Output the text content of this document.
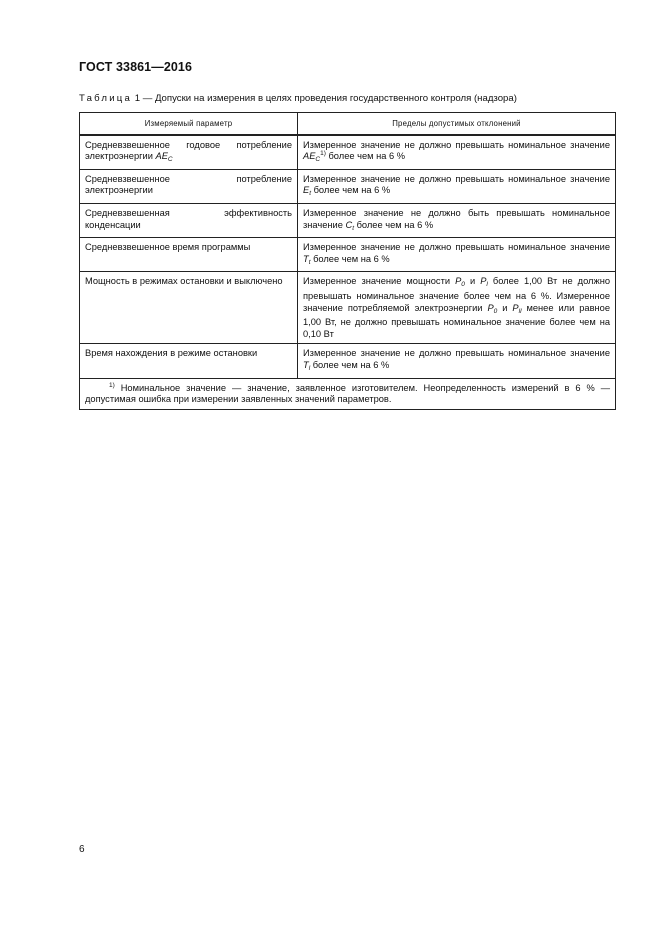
ГОСТ 33861—2016
Таблица 1 — Допуски на измерения в целях проведения государственного контроля (надзора)
Измеряемый параметр	Пределы допустимых отклонений
Средневзвешенное годовое потребление электроэнергии $AE_C$	Измеренное значение не должно превышать номинальное значение $AE_C^{1)}$ более чем на 6 %
Средневзвешенное потребление электроэнергии	Измеренное значение не должно превышать номинальное значение $E_t$ более чем на 6 %
Средневзвешенная эффективность конденсации	Измеренное значение не должно быть превышать номинальное значение $C_t$ более чем на 6 %
Средневзвешенное время программы	Измеренное значение не должно превышать номинальное значение $T_t$ более чем на 6 %
Мощность в режимах остановки и выключено	Измеренное значение мощности $P_0$ и $P_l$ более 1,00 Вт не должно превышать номинальное значение более чем на 6 %. Измеренное значение потребляемой электроэнергии $P_0$ и $P_{ll}$ менее или равное 1,00 Вт, не должно превышать номинальное значение более чем на 0,10 Вт
Время нахождения в режиме остановки	Измеренное значение не должно превышать номинальное значение $T_l$ более чем на 6 %
$^{1)}$ Номинальное значение — значение, заявленное изготовителем. Неопределенность измерений в 6 % — допустимая ошибка при измерении заявленных значений параметров.	
6
